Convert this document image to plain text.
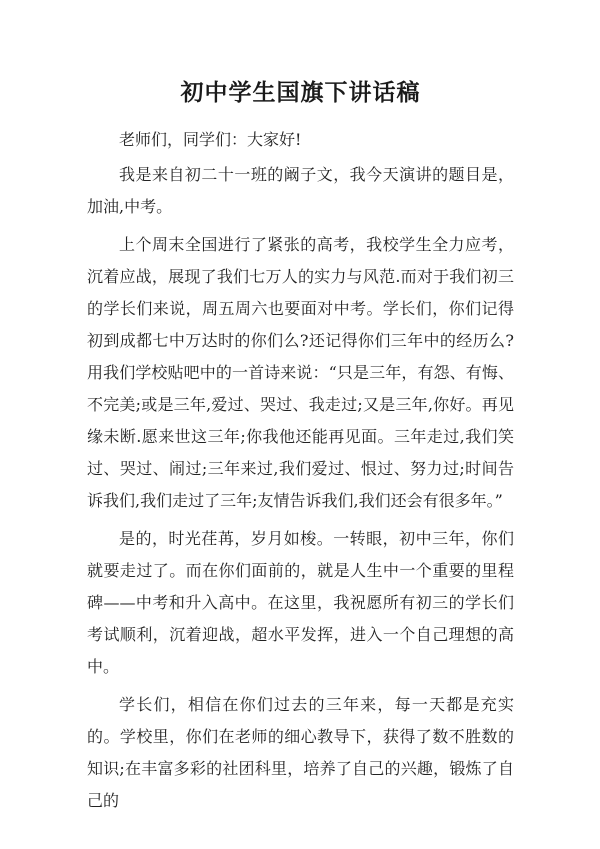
初中学生国旗下讲话稿

老师们，同学们：大家好!

我是来自初二十一班的阚子文，我今天演讲的题目是，加油,中考。

上个周末全国进行了紧张的高考，我校学生全力应考，沉着应战，展现了我们七万人的实力与风范.而对于我们初三的学长们来说，周五周六也要面对中考。学长们，你们记得初到成都七中万达时的你们么?还记得你们三年中的经历么?用我们学校贴吧中的一首诗来说：“只是三年，有怨、有悔、不完美;或是三年,爱过、哭过、我走过;又是三年,你好。再见缘未断.愿来世这三年;你我他还能再见面。三年走过,我们笑过、哭过、闹过;三年来过,我们爱过、恨过、努力过;时间告诉我们,我们走过了三年;友情告诉我们,我们还会有很多年。”

是的，时光荏苒，岁月如梭。一转眼，初中三年，你们就要走过了。而在你们面前的，就是人生中一个重要的里程碑——中考和升入高中。在这里，我祝愿所有初三的学长们考试顺利，沉着迎战，超水平发挥，进入一个自己理想的高中。

学长们，相信在你们过去的三年来，每一天都是充实的。学校里，你们在老师的细心教导下，获得了数不胜数的知识;在丰富多彩的社团科里，培养了自己的兴趣，锻炼了自己的
